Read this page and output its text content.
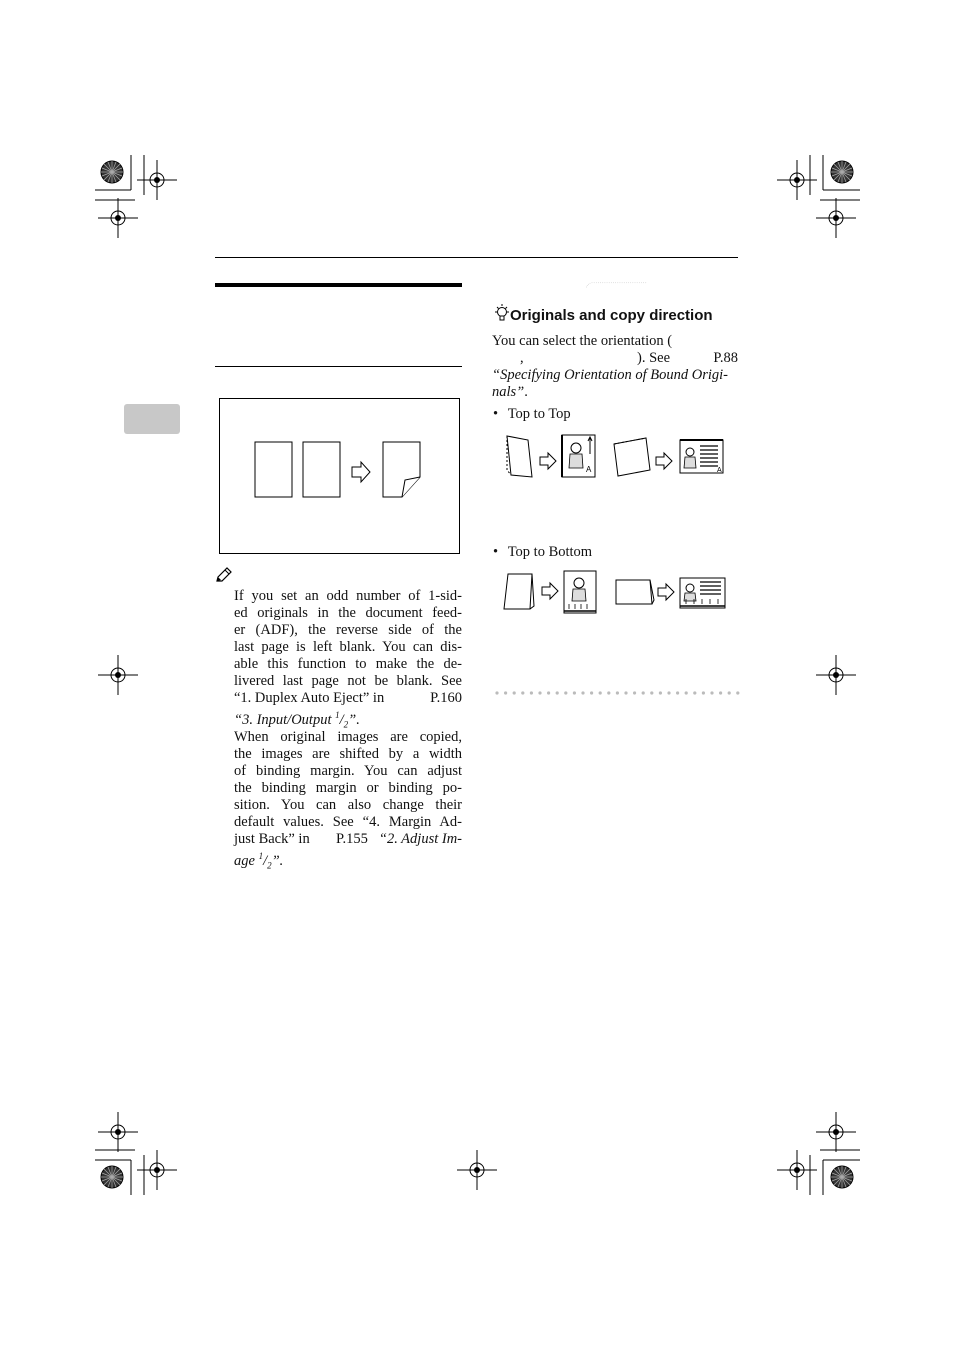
If you set an odd number of 1-sid-
ed originals in the document feed-
er (ADF), the reverse side of the
last page is left blank. You can dis-
able this function to make the de-
livered last page not be blank. See
“1. Duplex Auto Eject” in	P.160
“3. Input/Output $^1/_2$”.
When original images are copied,
the images are shifted by a width
of binding margin. You can adjust
the binding margin or binding po-
sition. You can also change their
default values. See “4. Margin Ad-
just Back” in P.155 “2. Adjust Im-
age $^1/_2$”.
Originals and copy direction
You can select the orientation (
,	). See	P.88
“Specifying Orientation of Bound Origi-
nals”.
• Top to Top
A	A
• Top to Bottom
